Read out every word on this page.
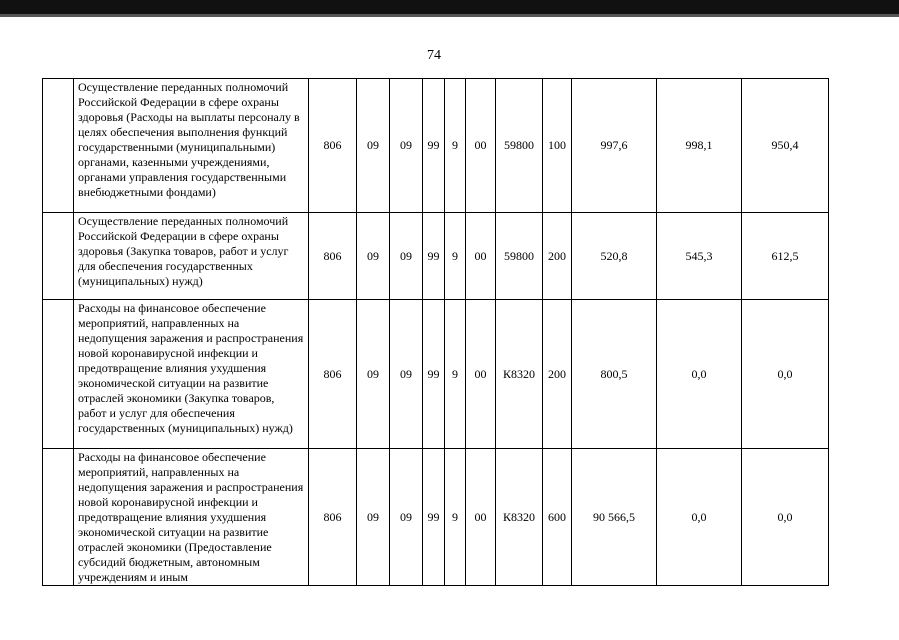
74
	Осуществление переданных полномочий Российской Федерации в сфере охраны здоровья (Расходы на выплаты персоналу в целях обеспечения выполнения функций государственными (муниципальными) органами, казенными учреждениями, органами управления государственными внебюджетными фондами)	806	09	09	99	9	00	59800	100	997,6	998,1	950,4
	Осуществление переданных полномочий Российской Федерации в сфере охраны здоровья (Закупка товаров, работ и услуг для обеспечения государственных (муниципальных) нужд)	806	09	09	99	9	00	59800	200	520,8	545,3	612,5
	Расходы на финансовое обеспечение мероприятий, направленных на недопущения заражения и распространения новой коронавирусной инфекции и предотвращение влияния ухудшения экономической ситуации на развитие отраслей экономики (Закупка товаров, работ и услуг для обеспечения государственных (муниципальных) нужд)	806	09	09	99	9	00	К8320	200	800,5	0,0	0,0
	Расходы на финансовое обеспечение мероприятий, направленных на недопущения заражения и распространения новой коронавирусной инфекции и предотвращение влияния ухудшения экономической ситуации на развитие отраслей экономики (Предоставление субсидий бюджетным, автономным учреждениям и иным	806	09	09	99	9	00	К8320	600	90 566,5	0,0	0,0
